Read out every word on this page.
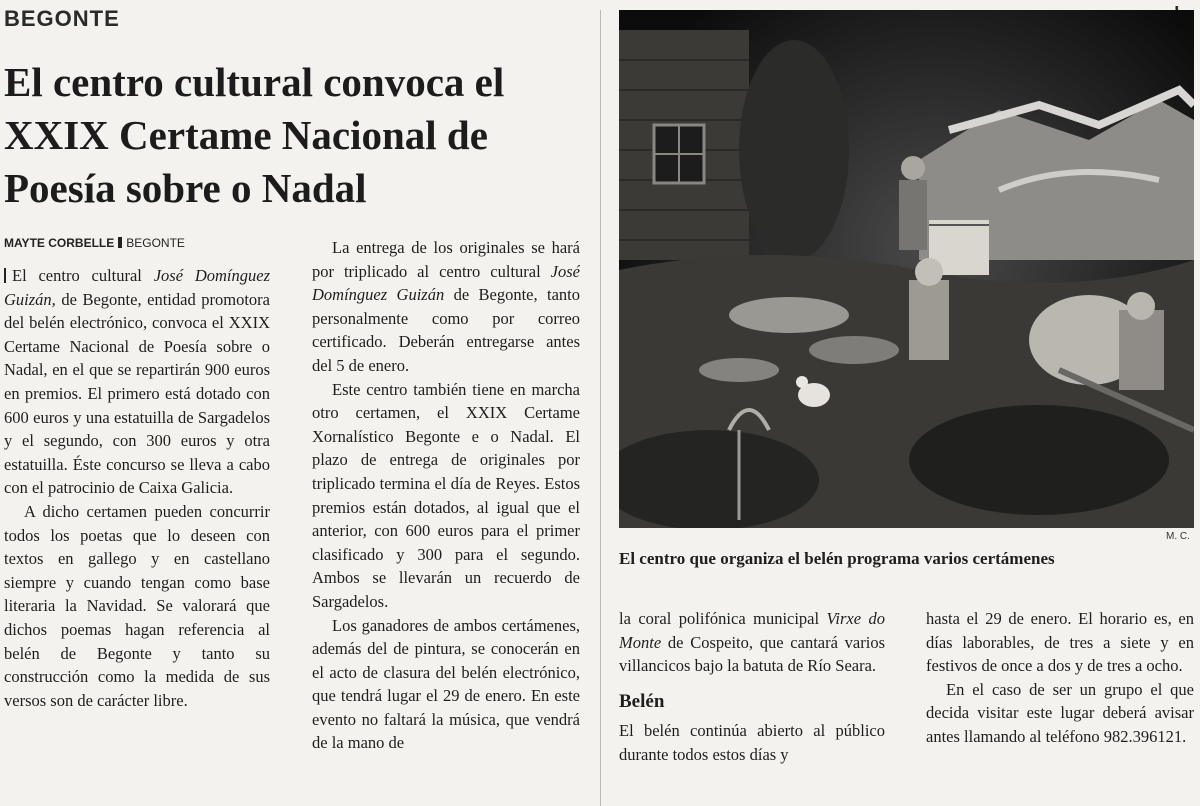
BEGONTE
El centro cultural convoca el XXIX Certame Nacional de Poesía sobre o Nadal
MAYTE CORBELLE BEGONTE

El centro cultural José Domínguez Guizán, de Begonte, entidad promotora del belén electrónico, convoca el XXIX Certame Nacional de Poesía sobre o Nadal, en el que se repartirán 900 euros en premios. El primero está dotado con 600 euros y una estatuilla de Sargadelos y el segundo, con 300 euros y otra estatuilla. Éste concurso se lleva a cabo con el patrocinio de Caixa Galicia.

A dicho certamen pueden concurrir todos los poetas que lo deseen con textos en gallego y en castellano siempre y cuando tengan como base literaria la Navidad. Se valorará que dichos poemas hagan referencia al belén de Begonte y tanto su construcción como la medida de sus versos son de carácter libre.

La entrega de los originales se hará por triplicado al centro cultural José Domínguez Guizán de Begonte, tanto personalmente como por correo certificado. Deberán entregarse antes del 5 de enero.

Este centro también tiene en marcha otro certamen, el XXIX Certame Xornalístico Begonte e o Nadal. El plazo de entrega de originales por triplicado termina el día de Reyes. Estos premios están dotados, al igual que el anterior, con 600 euros para el primer clasificado y 300 para el segundo. Ambos se llevarán un recuerdo de Sargadelos.

Los ganadores de ambos certámenes, además del de pintura, se conocerán en el acto de clasura del belén electrónico, que tendrá lugar el 29 de enero. En este evento no faltará la música, que vendrá de la mano de

M. C.
El centro que organiza el belén programa varios certámenes

la coral polifónica municipal Virxe do Monte de Cospeito, que cantará varios villancicos bajo la batuta de Río Seara.

Belén

El belén continúa abierto al público durante todos estos días y

hasta el 29 de enero. El horario es, en días laborables, de tres a siete y en festivos de once a dos y de tres a ocho.

En el caso de ser un grupo el que decida visitar este lugar deberá avisar antes llamando al teléfono 982.396121.
